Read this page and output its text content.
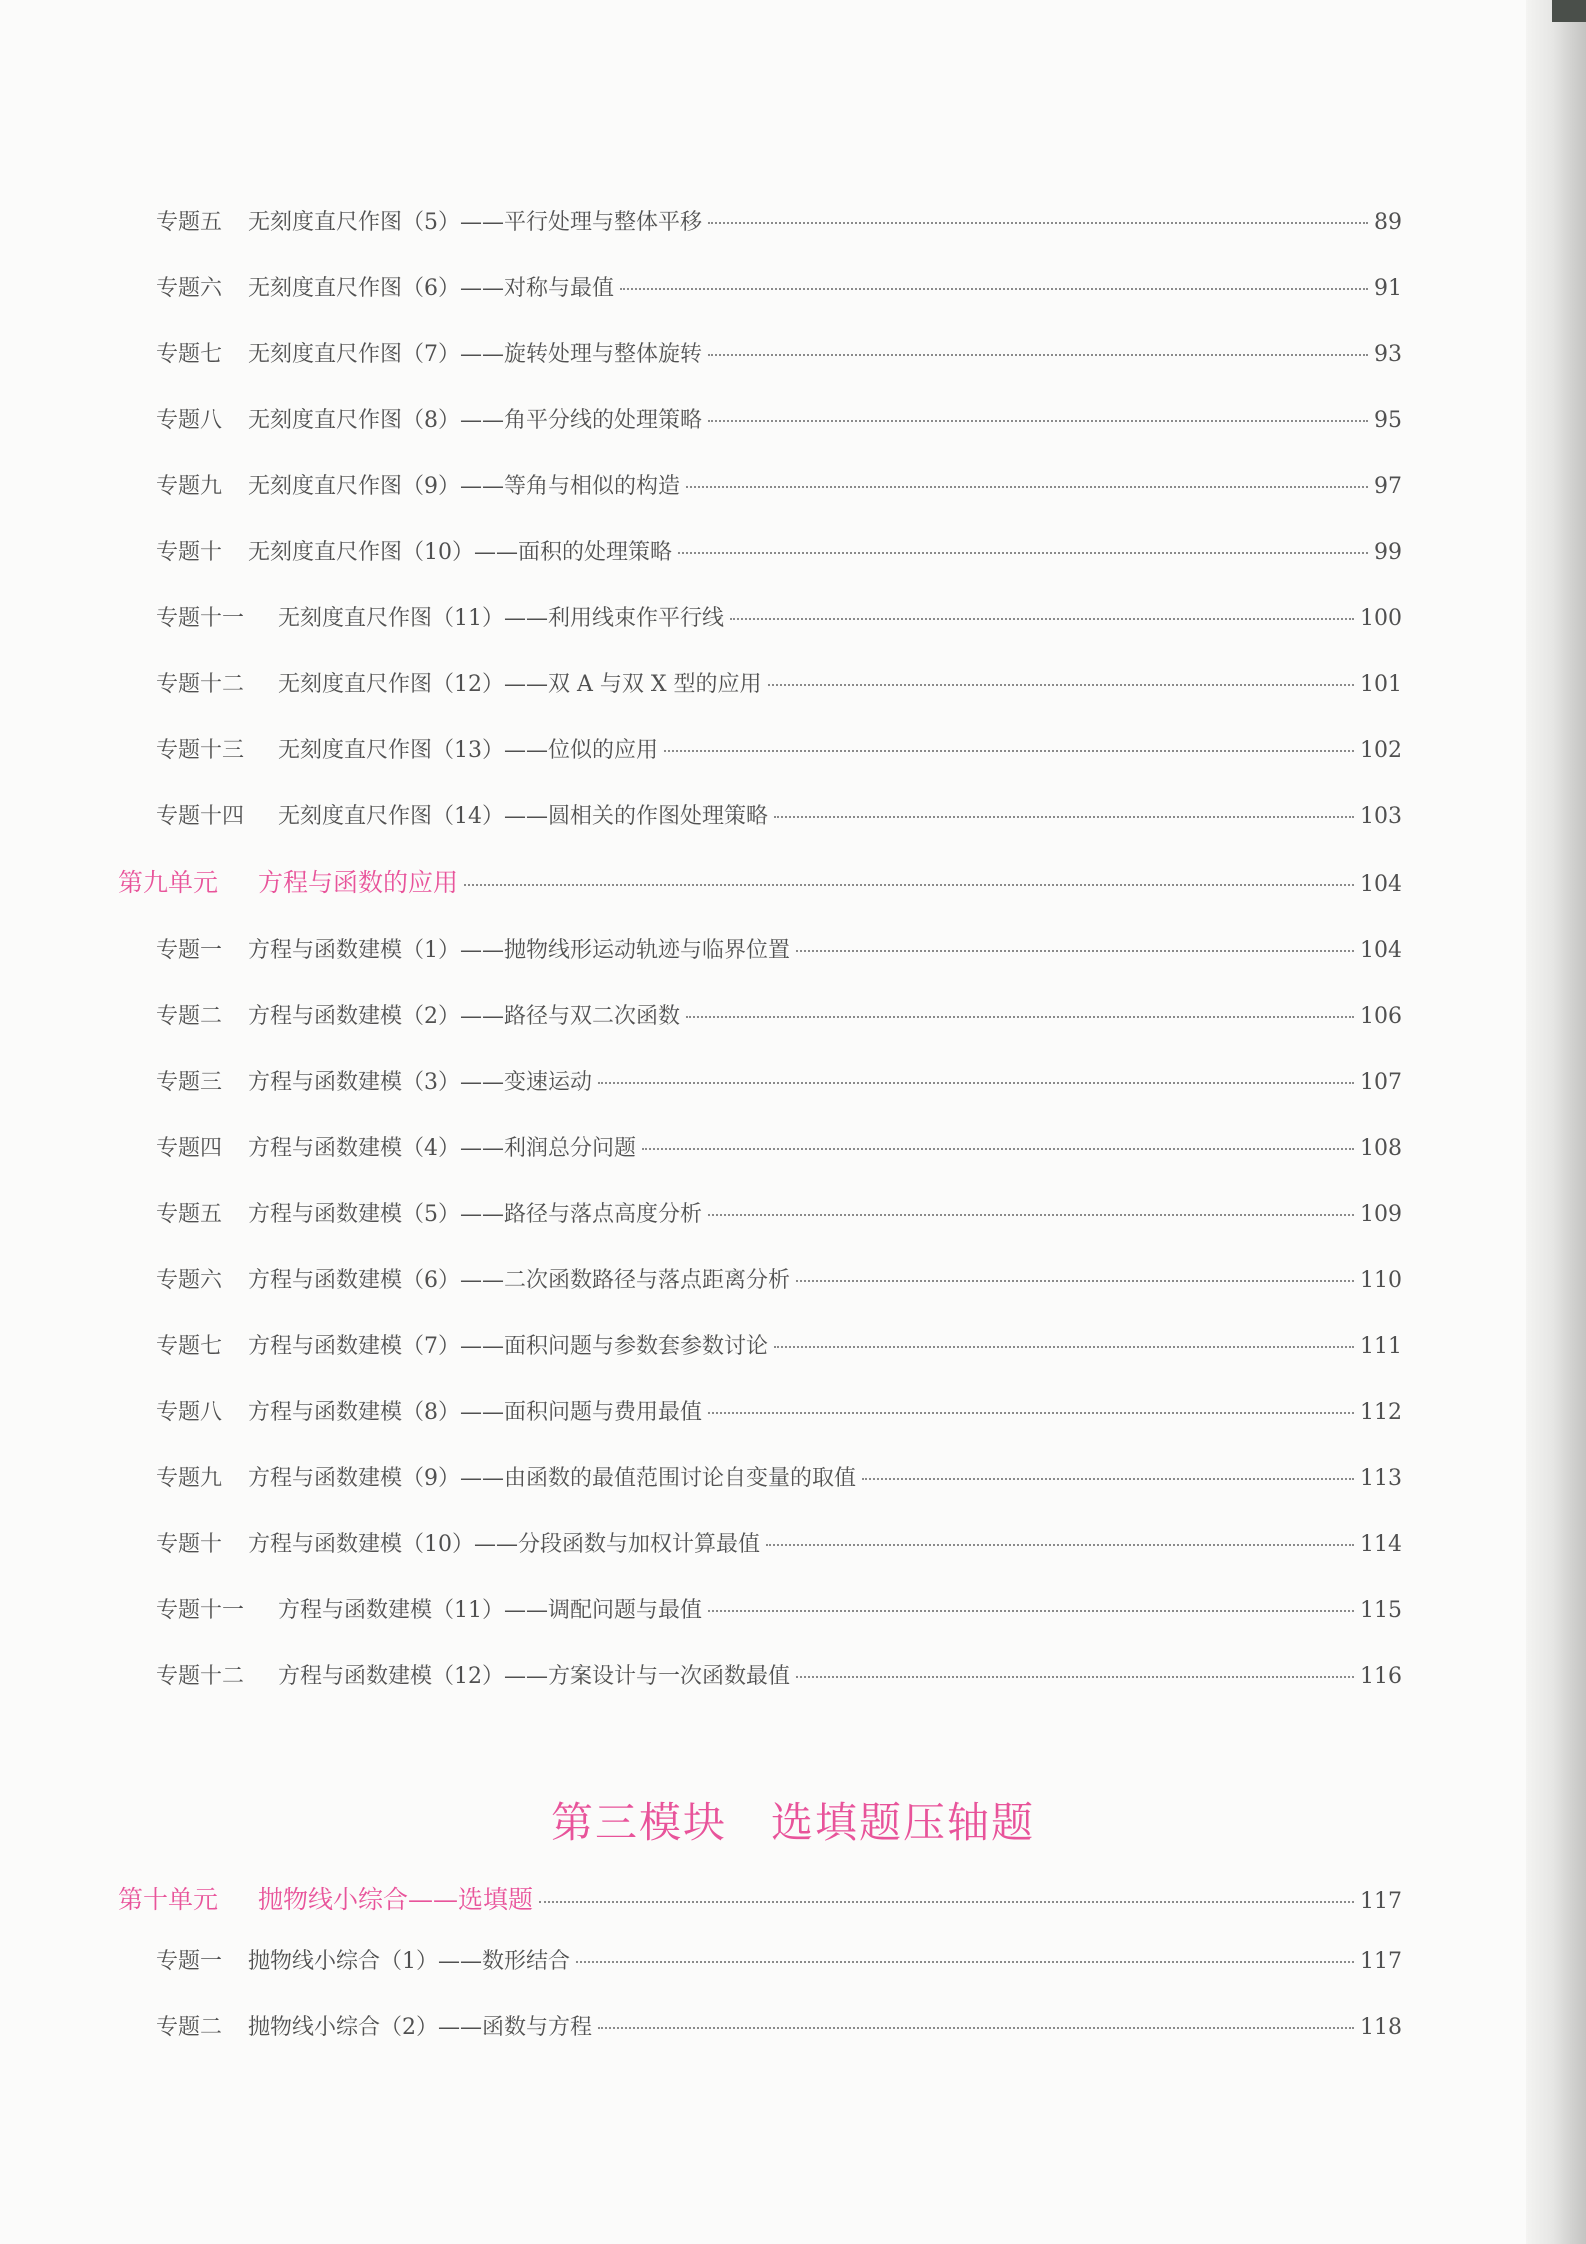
专题五	无刻度直尺作图（5）——平行处理与整体平移	89
专题六	无刻度直尺作图（6）——对称与最值	91
专题七	无刻度直尺作图（7）——旋转处理与整体旋转	93
专题八	无刻度直尺作图（8）——角平分线的处理策略	95
专题九	无刻度直尺作图（9）——等角与相似的构造	97
专题十	无刻度直尺作图（10）——面积的处理策略	99
专题十一	无刻度直尺作图（11）——利用线束作平行线	100
专题十二	无刻度直尺作图（12）——双 A 与双 X 型的应用	101
专题十三	无刻度直尺作图（13）——位似的应用	102
专题十四	无刻度直尺作图（14）——圆相关的作图处理策略	103
第九单元	方程与函数的应用	104
专题一	方程与函数建模（1）——抛物线形运动轨迹与临界位置	104
专题二	方程与函数建模（2）——路径与双二次函数	106
专题三	方程与函数建模（3）——变速运动	107
专题四	方程与函数建模（4）——利润总分问题	108
专题五	方程与函数建模（5）——路径与落点高度分析	109
专题六	方程与函数建模（6）——二次函数路径与落点距离分析	110
专题七	方程与函数建模（7）——面积问题与参数套参数讨论	111
专题八	方程与函数建模（8）——面积问题与费用最值	112
专题九	方程与函数建模（9）——由函数的最值范围讨论自变量的取值	113
专题十	方程与函数建模（10）——分段函数与加权计算最值	114
专题十一	方程与函数建模（11）——调配问题与最值	115
专题十二	方程与函数建模（12）——方案设计与一次函数最值	116
第三模块　选填题压轴题
第十单元	抛物线小综合——选填题	117
专题一	抛物线小综合（1）——数形结合	117
专题二	抛物线小综合（2）——函数与方程	118
